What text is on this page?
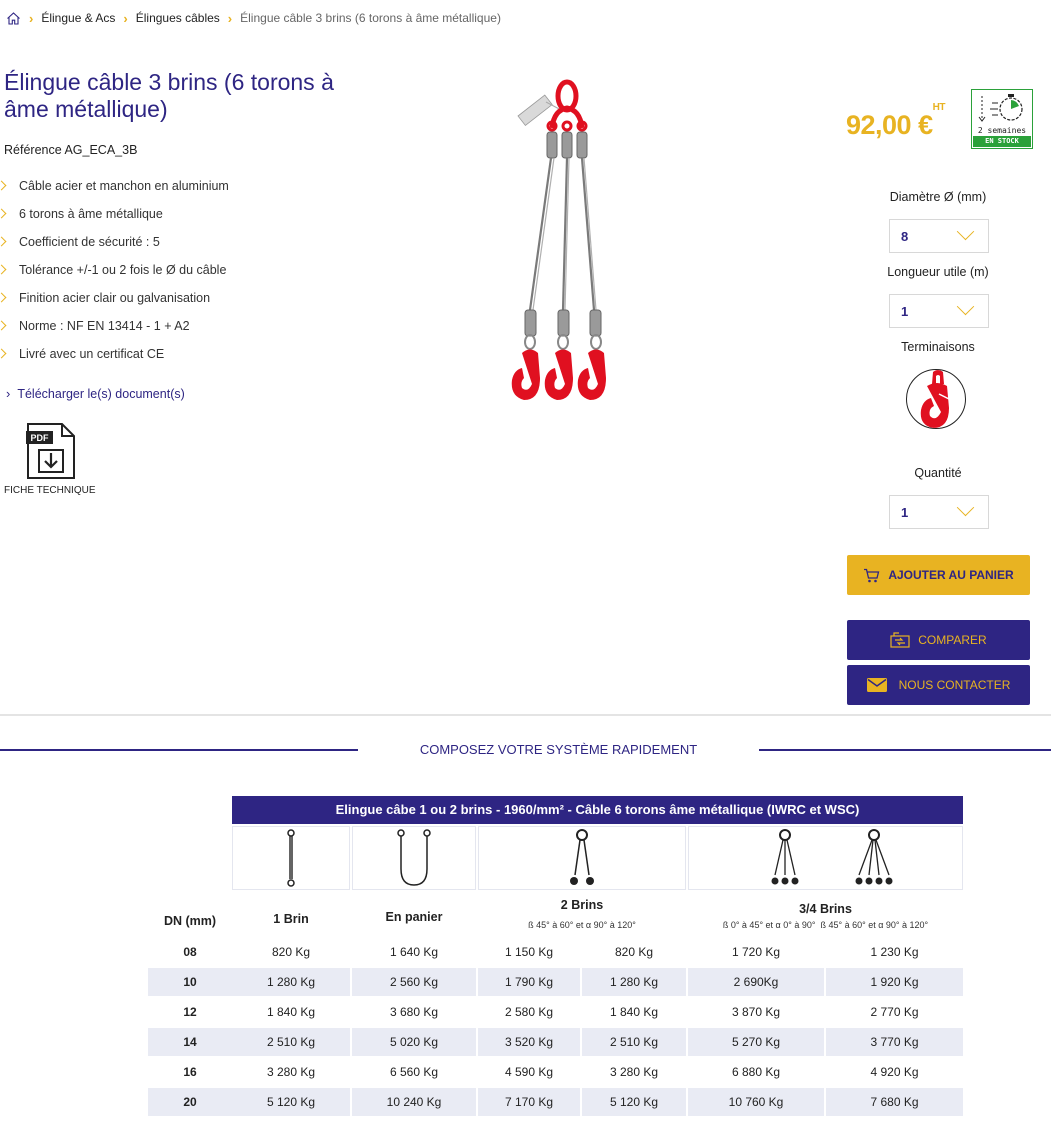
› Élingue & Acs › Élingues câbles › Élingue câble 3 brins (6 torons à âme métallique)
Élingue câble 3 brins (6 torons à âme métallique)
Référence AG_ECA_3B
Câble acier et manchon en aluminium
6 torons à âme métallique
Coefficient de sécurité : 5
Tolérance +/-1 ou 2 fois le Ø du câble
Finition acier clair ou galvanisation
Norme : NF EN 13414 - 1 + A2
Livré avec un certificat CE
› Télécharger le(s) document(s)
PDF
FICHE TECHNIQUE
92,00 €$^{HT}$
2 semaines
EN STOCK
Diamètre Ø (mm)
8
Longueur utile (m)
1
Terminaisons
Quantité
1
AJOUTER AU PANIER
COMPARER
NOUS CONTACTER
COMPOSEZ VOTRE SYSTÈME RAPIDEMENT
Elingue câbe 1 ou 2 brins - 1960/mm² - Câble 6 torons âme métallique (IWRC et WSC)
DN (mm)	1 Brin	En panier
2 Brins
ß 45° à 60° et α 90° à 120°
3/4 Brins
ß 0° à 45° et α 0° à 90°  ß 45° à 60° et α 90° à 120°
08	820 Kg	1 640 Kg	1 150 Kg	820 Kg	1 720 Kg	1 230 Kg
10	1 280 Kg	2 560 Kg	1 790 Kg	1 280 Kg	2 690Kg	1 920 Kg
12	1 840 Kg	3 680 Kg	2 580 Kg	1 840 Kg	3 870 Kg	2 770 Kg
14	2 510 Kg	5 020 Kg	3 520 Kg	2 510 Kg	5 270 Kg	3 770 Kg
16	3 280 Kg	6 560 Kg	4 590 Kg	3 280 Kg	6 880 Kg	4 920 Kg
20	5 120 Kg	10 240 Kg	7 170 Kg	5 120 Kg	10 760 Kg	7 680 Kg
